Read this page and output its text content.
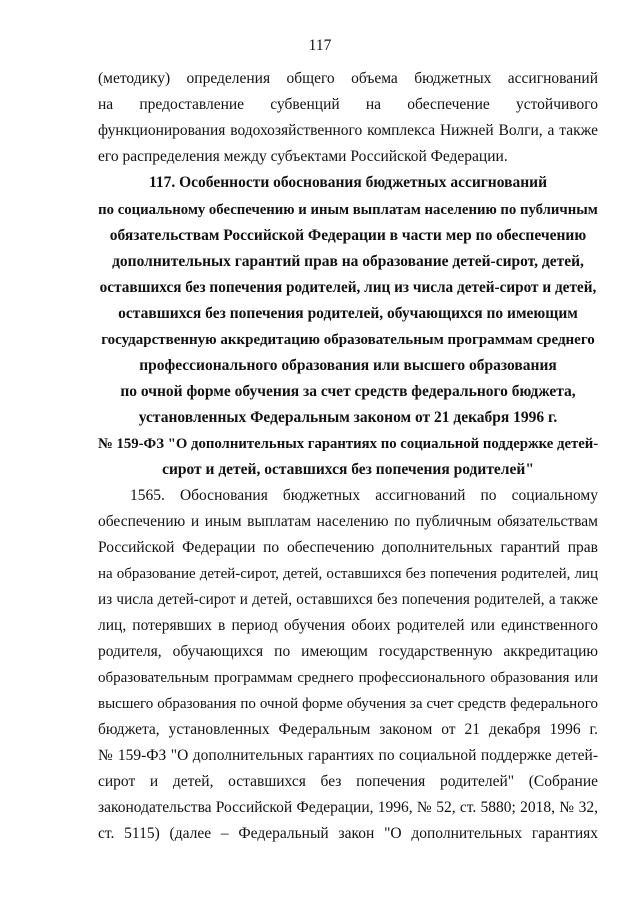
117
(методику) определения общего объема бюджетных ассигнований
на предоставление субвенций на обеспечение устойчивого
функционирования водохозяйственного комплекса Нижней Волги, а также
его распределения между субъектами Российской Федерации.
117. Особенности обоснования бюджетных ассигнований
по социальному обеспечению и иным выплатам населению по публичным
обязательствам Российской Федерации в части мер по обеспечению
дополнительных гарантий прав на образование детей-сирот, детей,
оставшихся без попечения родителей, лиц из числа детей-сирот и детей,
оставшихся без попечения родителей, обучающихся по имеющим
государственную аккредитацию образовательным программам среднего
профессионального образования или высшего образования
по очной форме обучения за счет средств федерального бюджета,
установленных Федеральным законом от 21 декабря 1996 г.
№ 159-ФЗ "О дополнительных гарантиях по социальной поддержке детей-
сирот и детей, оставшихся без попечения родителей"
1565. Обоснования бюджетных ассигнований по социальному
обеспечению и иным выплатам населению по публичным обязательствам
Российской Федерации по обеспечению дополнительных гарантий прав
на образование детей-сирот, детей, оставшихся без попечения родителей, лиц
из числа детей-сирот и детей, оставшихся без попечения родителей, а также
лиц, потерявших в период обучения обоих родителей или единственного
родителя, обучающихся по имеющим государственную аккредитацию
образовательным программам среднего профессионального образования или
высшего образования по очной форме обучения за счет средств федерального
бюджета, установленных Федеральным законом от 21 декабря 1996 г.
№ 159-ФЗ "О дополнительных гарантиях по социальной поддержке детей-
сирот и детей, оставшихся без попечения родителей" (Собрание
законодательства Российской Федерации, 1996, № 52, ст. 5880; 2018, № 32,
ст. 5115) (далее – Федеральный закон "О дополнительных гарантиях
